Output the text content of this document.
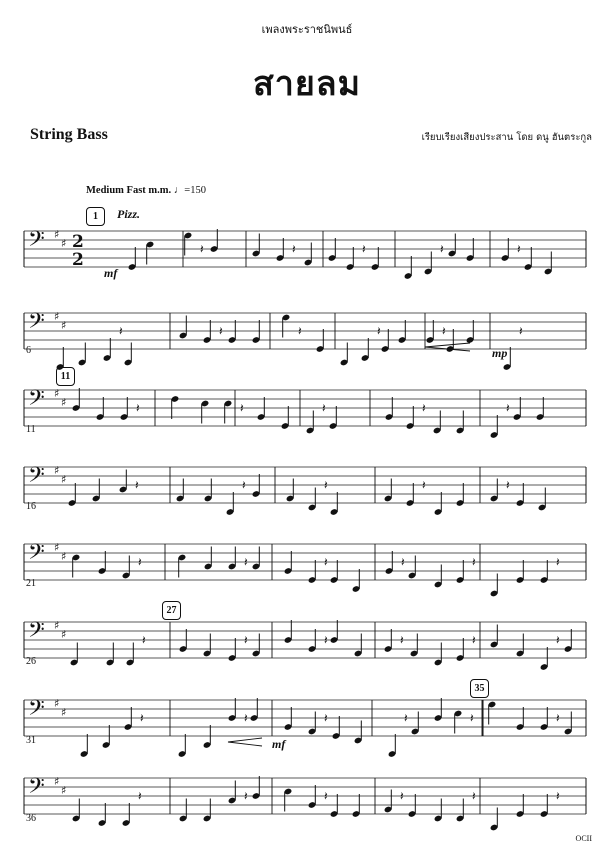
เพลงพระราชนิพนธ์
สายลม
String Bass	เรียบเรียงเสียงประสาน โดย ดนู ฮันตระกูล
Medium Fast m.m. ♩=150
1	Pizz.
11
27
35
mf
mp
mf
6
11
16
21
26
31
36
𝄢 ♯
♯ 2
2
𝄽	𝄽	𝄽	𝄽	𝄽
𝄢 ♯
♯	𝄽	𝄽	𝄽	𝄽	𝄽	𝄽
𝄢 ♯
♯	𝄽	𝄽	𝄽	𝄽	𝄽
𝄢 ♯
♯	𝄽	𝄽	𝄽	𝄽	𝄽
𝄢 ♯
♯	𝄽	𝄽	𝄽	𝄽	𝄽	𝄽
𝄢 ♯
♯	𝄽	𝄽	𝄽	𝄽	𝄽	𝄽
𝄢 ♯
♯	𝄽	𝄽	𝄽	𝄽	𝄽	𝄽
𝄢 ♯
♯	𝄽	𝄽	𝄽	𝄽	𝄽	𝄽
OCII
